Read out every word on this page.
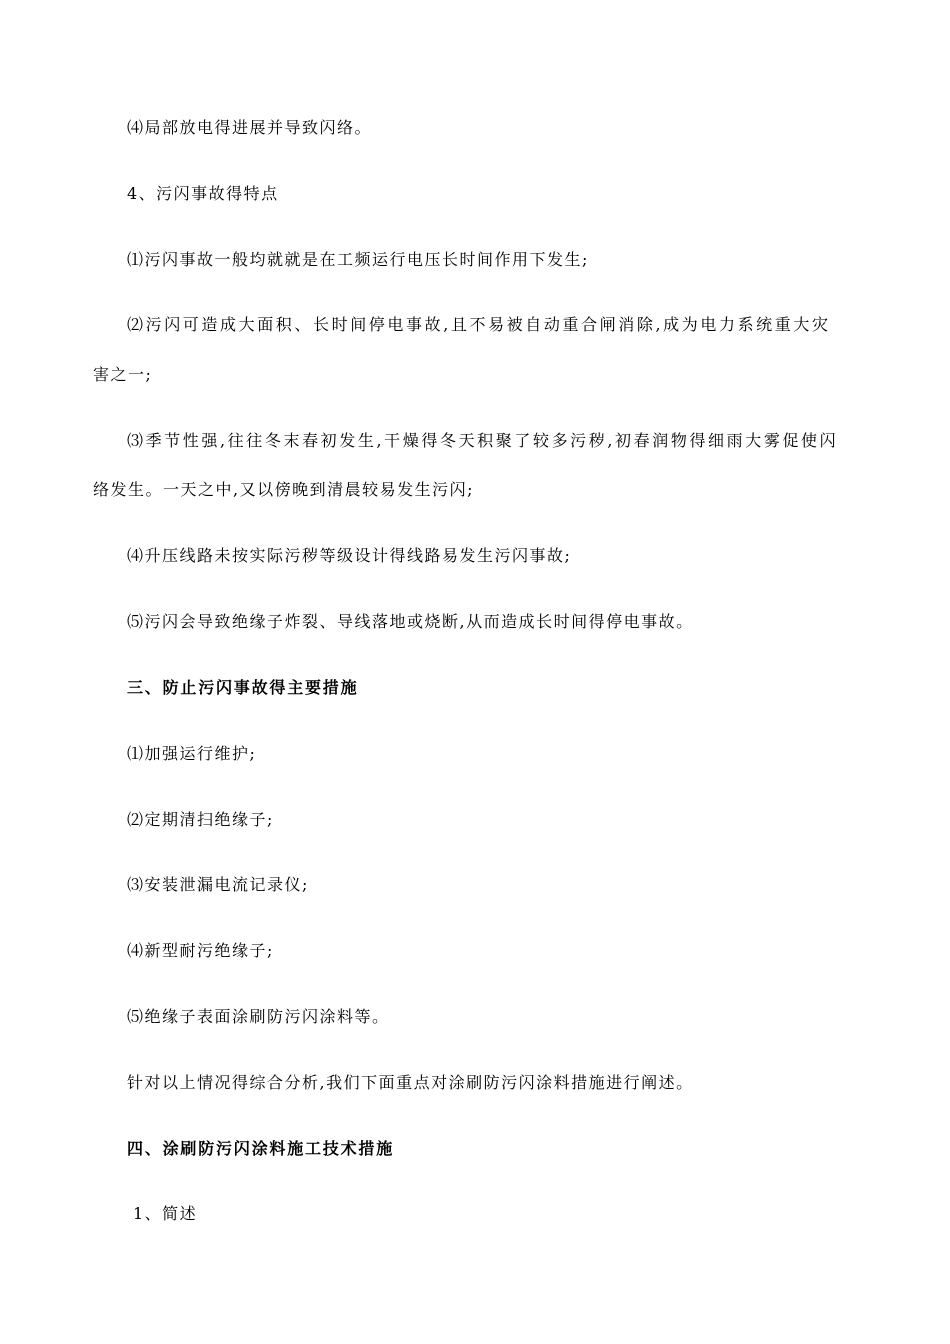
⑷局部放电得进展并导致闪络。

4、污闪事故得特点

⑴污闪事故一般均就就是在工频运行电压长时间作用下发生;

⑵污闪可造成大面积、长时间停电事故,且不易被自动重合闸消除,成为电力系统重大灾

害之一;

⑶季节性强,往往冬末春初发生,干燥得冬天积聚了较多污秽,初春润物得细雨大雾促使闪

络发生。一天之中,又以傍晚到清晨较易发生污闪;

⑷升压线路未按实际污秽等级设计得线路易发生污闪事故;

⑸污闪会导致绝缘子炸裂、导线落地或烧断,从而造成长时间得停电事故。

三、防止污闪事故得主要措施

⑴加强运行维护;

⑵定期清扫绝缘子;

⑶安装泄漏电流记录仪;

⑷新型耐污绝缘子;

⑸绝缘子表面涂刷防污闪涂料等。

针对以上情况得综合分析,我们下面重点对涂刷防污闪涂料措施进行阐述。

四、涂刷防污闪涂料施工技术措施

1、简述
